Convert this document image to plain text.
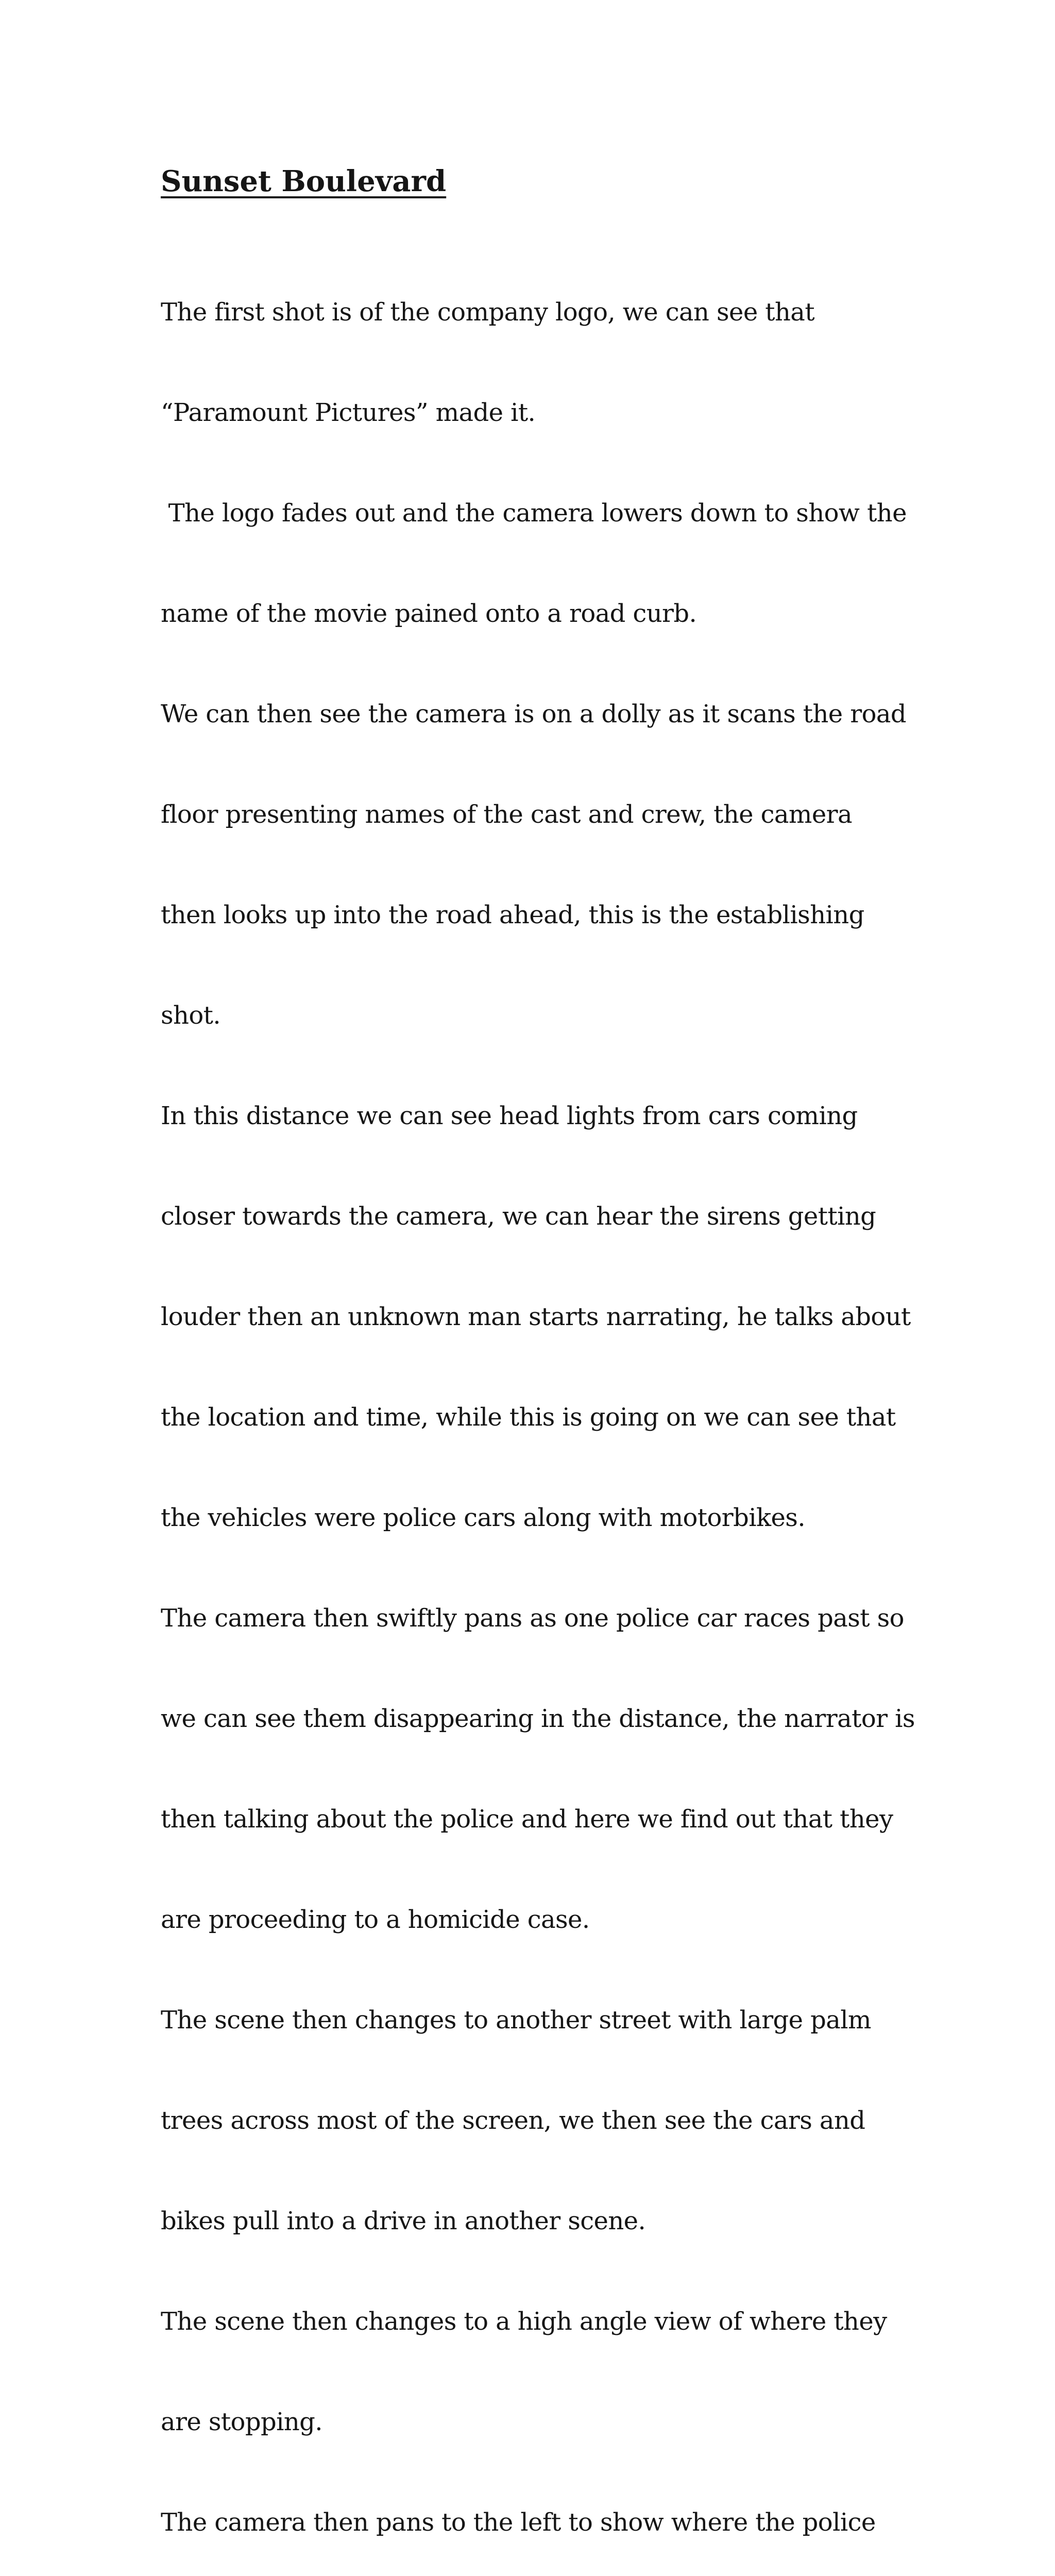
Sunset Boulevard

The first shot is of the company logo, we can see that

“Paramount Pictures” made it.

The logo fades out and the camera lowers down to show the

name of the movie pained onto a road curb.

We can then see the camera is on a dolly as it scans the road

floor presenting names of the cast and crew, the camera

then looks up into the road ahead, this is the establishing

shot.

In this distance we can see head lights from cars coming

closer towards the camera, we can hear the sirens getting

louder then an unknown man starts narrating, he talks about

the location and time, while this is going on we can see that

the vehicles were police cars along with motorbikes.

The camera then swiftly pans as one police car races past so

we can see them disappearing in the distance, the narrator is

then talking about the police and here we find out that they

are proceeding to a homicide case.

The scene then changes to another street with large palm

trees across most of the screen, we then see the cars and

bikes pull into a drive in another scene.

The scene then changes to a high angle view of where they

are stopping.

The camera then pans to the left to show where the police
